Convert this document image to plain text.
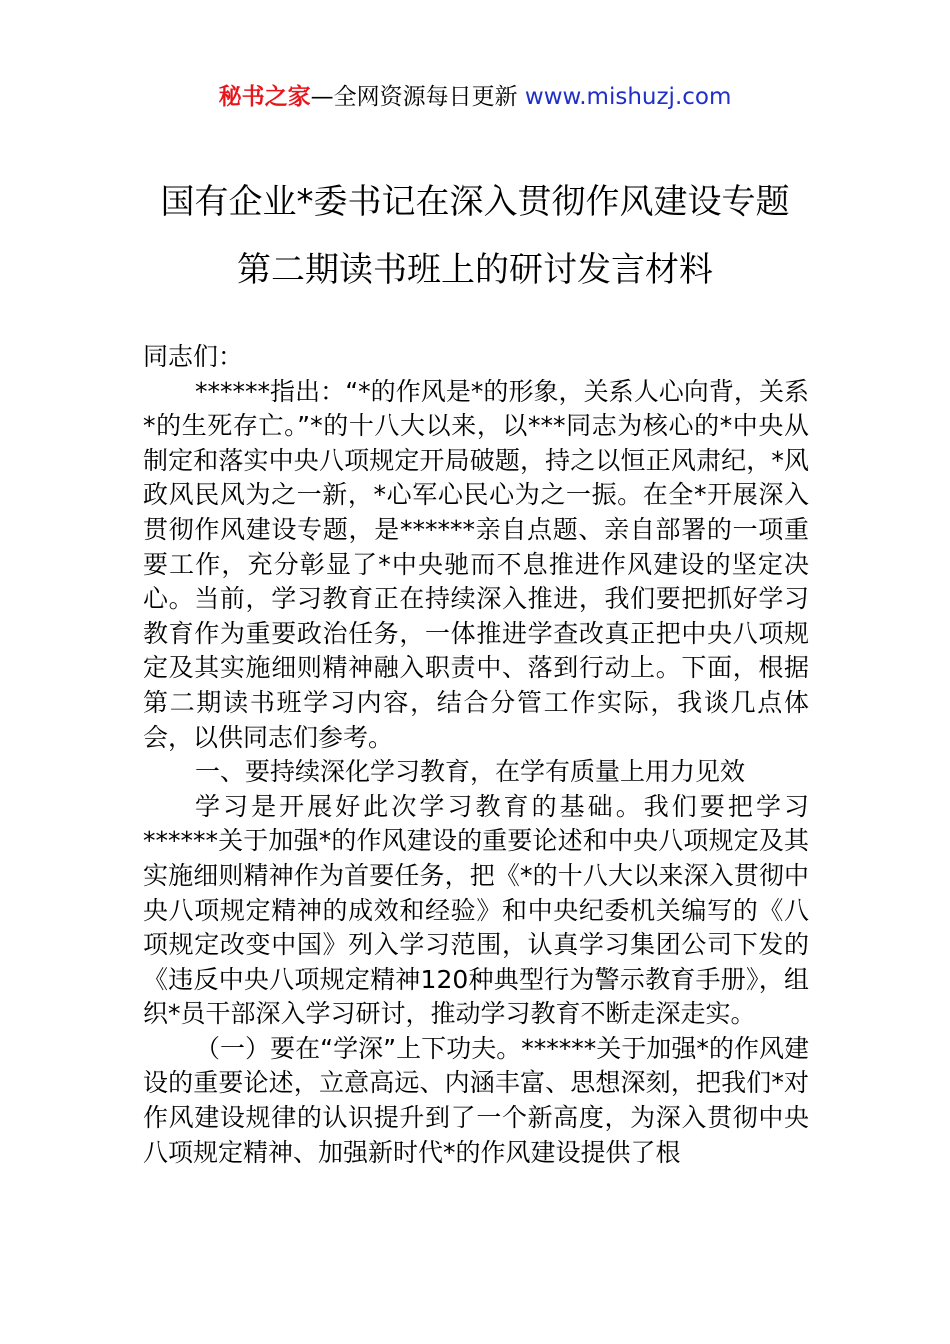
秘书之家—全网资源每日更新 www.mishuzj.com
国有企业*委书记在深入贯彻作风建设专题
第二期读书班上的研讨发言材料

同志们：

******指出：“*的作风是*的形象，关系人心向背，关系*的生死存亡。”*的十八大以来，以***同志为核心的*中央从制定和落实中央八项规定开局破题，持之以恒正风肃纪，*风政风民风为之一新，*心军心民心为之一振。在全*开展深入贯彻作风建设专题，是******亲自点题、亲自部署的一项重要工作，充分彰显了*中央驰而不息推进作风建设的坚定决心。当前，学习教育正在持续深入推进，我们要把抓好学习教育作为重要政治任务，一体推进学查改真正把中央八项规定及其实施细则精神融入职责中、落到行动上。下面，根据第二期读书班学习内容，结合分管工作实际，我谈几点体会，以供同志们参考。

一、要持续深化学习教育，在学有质量上用力见效

学习是开展好此次学习教育的基础。我们要把学习******关于加强*的作风建设的重要论述和中央八项规定及其实施细则精神作为首要任务，把《*的十八大以来深入贯彻中央八项规定精神的成效和经验》和中央纪委机关编写的《八项规定改变中国》列入学习范围，认真学习集团公司下发的《违反中央八项规定精神120种典型行为警示教育手册》，组织*员干部深入学习研讨，推动学习教育不断走深走实。

（一）要在“学深”上下功夫。******关于加强*的作风建设的重要论述，立意高远、内涵丰富、思想深刻，把我们*对作风建设规律的认识提升到了一个新高度，为深入贯彻中央八项规定精神、加强新时代*的作风建设提供了根
